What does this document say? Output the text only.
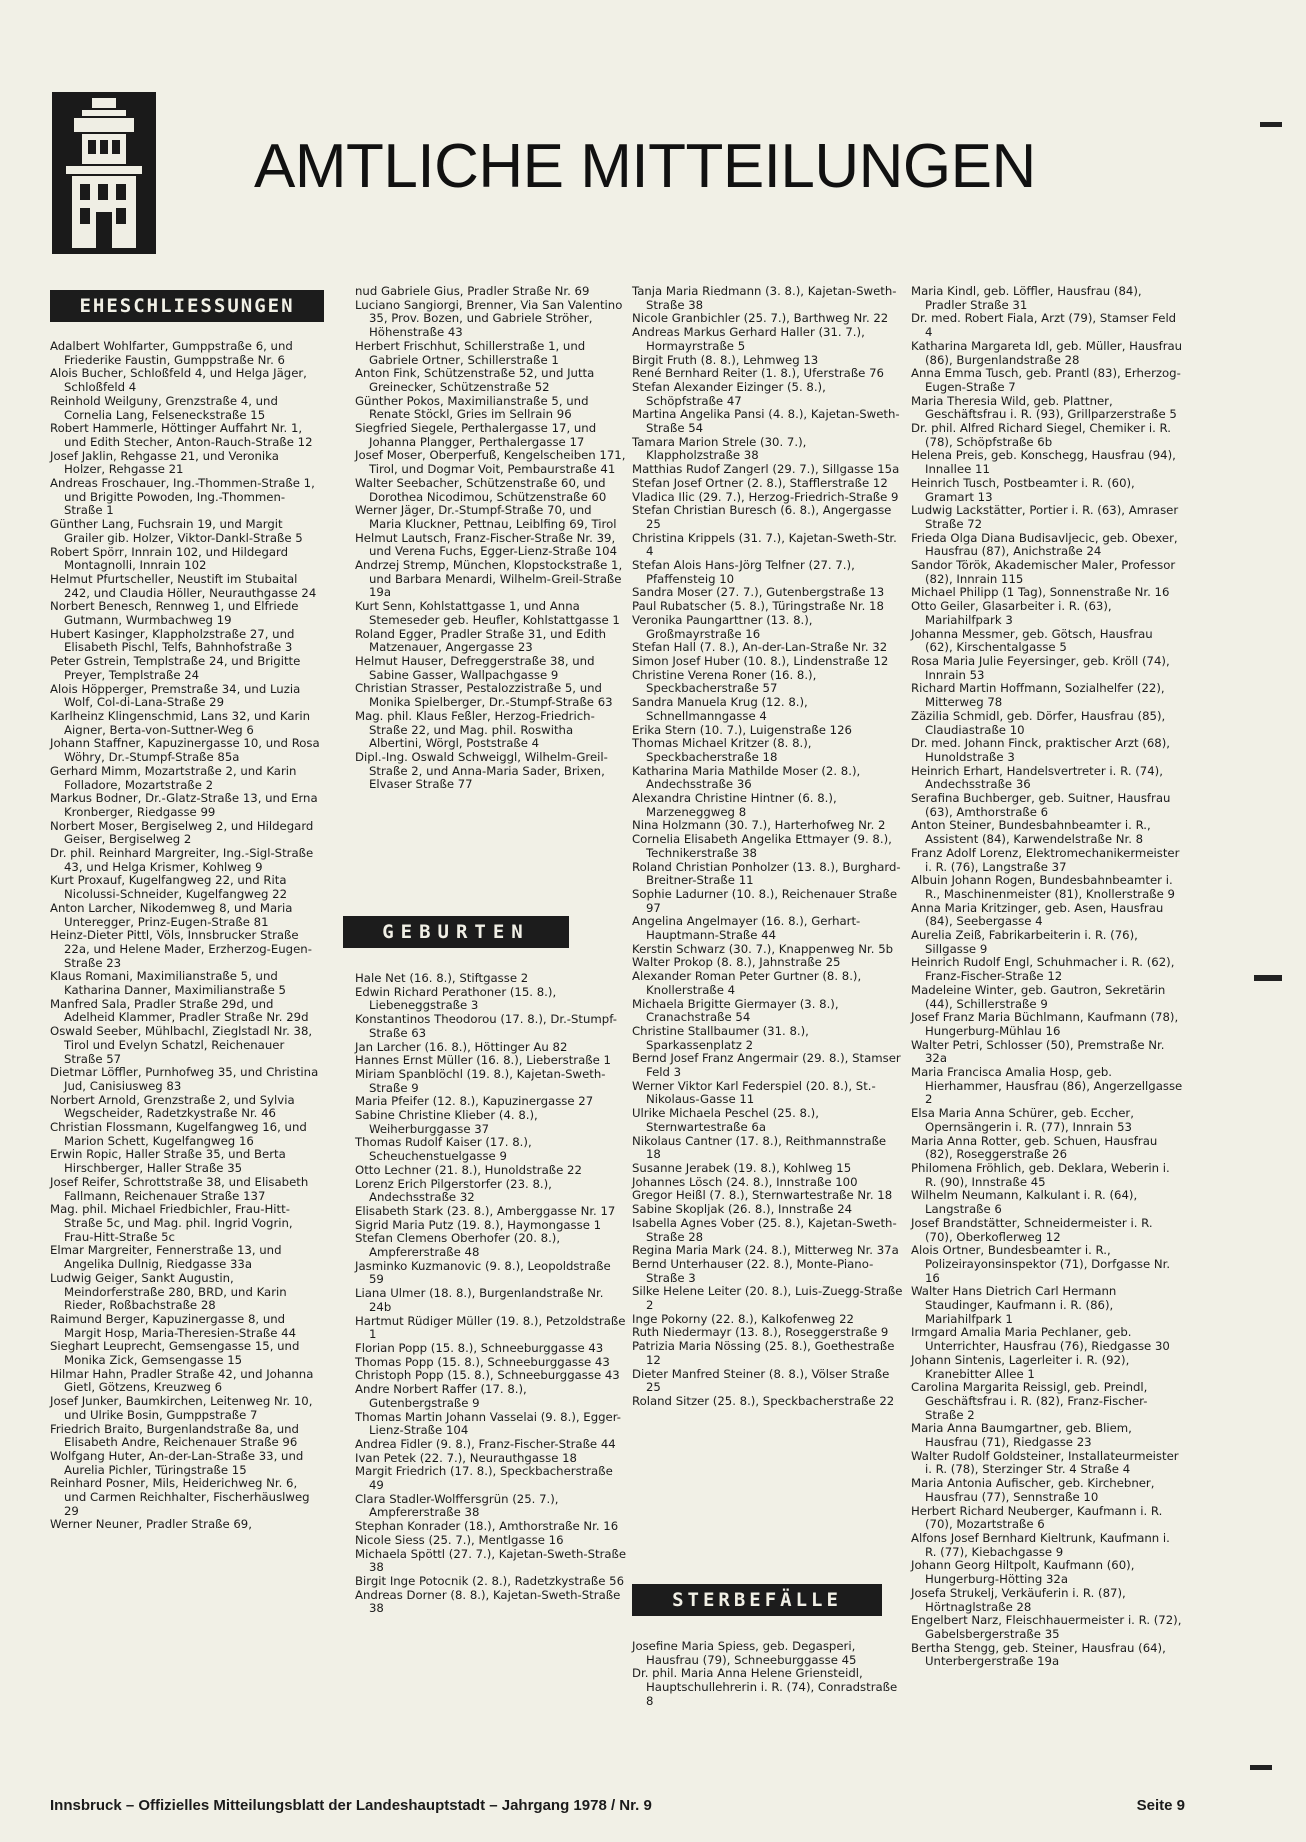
AMTLICHE MITTEILUNGEN
EHESCHLIESSUNGEN
GEBURTEN
STERBEFÄLLE

Adalbert Wohlfarter, Gumppstraße 6, und Friederike Faustin, Gumppstraße Nr. 6

Alois Bucher, Schloßfeld 4, und Helga Jäger, Schloßfeld 4

Reinhold Weilguny, Grenzstraße 4, und Cornelia Lang, Felseneckstraße 15

Robert Hammerle, Höttinger Auffahrt Nr. 1, und Edith Stecher, Anton-Rauch-Straße 12

Josef Jaklin, Rehgasse 21, und Veronika Holzer, Rehgasse 21

Andreas Froschauer, Ing.-Thommen-Straße 1, und Brigitte Powoden, Ing.-Thommen-Straße 1

Günther Lang, Fuchsrain 19, und Margit Grailer gib. Holzer, Viktor-Dankl-Straße 5

Robert Spörr, Innrain 102, und Hildegard Montagnolli, Innrain 102

Helmut Pfurtscheller, Neustift im Stubaital 242, und Claudia Höller, Neurauthgasse 24

Norbert Benesch, Rennweg 1, und Elfriede Gutmann, Wurmbachweg 19

Hubert Kasinger, Klappholzstraße 27, und Elisabeth Pischl, Telfs, Bahnhofstraße 3

Peter Gstrein, Templstraße 24, und Brigitte Preyer, Templstraße 24

Alois Höpperger, Premstraße 34, und Luzia Wolf, Col-di-Lana-Straße 29

Karlheinz Klingenschmid, Lans 32, und Karin Aigner, Berta-von-Suttner-Weg 6

Johann Staffner, Kapuzinergasse 10, und Rosa Wöhry, Dr.-Stumpf-Straße 85a

Gerhard Mimm, Mozartstraße 2, und Karin Folladore, Mozartstraße 2

Markus Bodner, Dr.-Glatz-Straße 13, und Erna Kronberger, Riedgasse 99

Norbert Moser, Bergiselweg 2, und Hildegard Geiser, Bergiselweg 2

Dr. phil. Reinhard Margreiter, Ing.-Sigl-Straße 43, und Helga Krismer, Kohlweg 9

Kurt Proxauf, Kugelfangweg 22, und Rita Nicolussi-Schneider, Kugelfangweg 22

Anton Larcher, Nikodemweg 8, und Maria Unteregger, Prinz-Eugen-Straße 81

Heinz-Dieter Pittl, Völs, Innsbrucker Straße 22a, und Helene Mader, Erzherzog-Eugen-Straße 23

Klaus Romani, Maximilianstraße 5, und Katharina Danner, Maximilianstraße 5

Manfred Sala, Pradler Straße 29d, und Adelheid Klammer, Pradler Straße Nr. 29d

Oswald Seeber, Mühlbachl, Zieglstadl Nr. 38, Tirol und Evelyn Schatzl, Reichenauer Straße 57

Dietmar Löffler, Purnhofweg 35, und Christina Jud, Canisiusweg 83

Norbert Arnold, Grenzstraße 2, und Sylvia Wegscheider, Radetzkystraße Nr. 46

Christian Flossmann, Kugelfangweg 16, und Marion Schett, Kugelfangweg 16

Erwin Ropic, Haller Straße 35, und Berta Hirschberger, Haller Straße 35

Josef Reifer, Schrottstraße 38, und Elisabeth Fallmann, Reichenauer Straße 137

Mag. phil. Michael Friedbichler, Frau-Hitt-Straße 5c, und Mag. phil. Ingrid Vogrin, Frau-Hitt-Straße 5c

Elmar Margreiter, Fennerstraße 13, und Angelika Dullnig, Riedgasse 33a

Ludwig Geiger, Sankt Augustin, Meindorferstraße 280, BRD, und Karin Rieder, Roßbachstraße 28

Raimund Berger, Kapuzinergasse 8, und Margit Hosp, Maria-Theresien-Straße 44

Sieghart Leuprecht, Gemsengasse 15, und Monika Zick, Gemsengasse 15

Hilmar Hahn, Pradler Straße 42, und Johanna Gietl, Götzens, Kreuzweg 6

Josef Junker, Baumkirchen, Leitenweg Nr. 10, und Ulrike Bosin, Gumppstraße 7

Friedrich Braito, Burgenlandstraße 8a, und Elisabeth Andre, Reichenauer Straße 96

Wolfgang Huter, An-der-Lan-Straße 33, und Aurelia Pichler, Türingstraße 15

Reinhard Posner, Mils, Heiderichweg Nr. 6, und Carmen Reichhalter, Fischerhäuslweg 29

Werner Neuner, Pradler Straße 69,

nud Gabriele Gius, Pradler Straße Nr. 69

Luciano Sangiorgi, Brenner, Via San Valentino 35, Prov. Bozen, und Gabriele Ströher, Höhenstraße 43

Herbert Frischhut, Schillerstraße 1, und Gabriele Ortner, Schillerstraße 1

Anton Fink, Schützenstraße 52, und Jutta Greinecker, Schützenstraße 52

Günther Pokos, Maximilianstraße 5, und Renate Stöckl, Gries im Sellrain 96

Siegfried Siegele, Perthalergasse 17, und Johanna Plangger, Perthalergasse 17

Josef Moser, Oberperfuß, Kengelscheiben 171, Tirol, und Dogmar Voit, Pembaurstraße 41

Walter Seebacher, Schützenstraße 60, und Dorothea Nicodimou, Schützenstraße 60

Werner Jäger, Dr.-Stumpf-Straße 70, und Maria Kluckner, Pettnau, Leiblfing 69, Tirol

Helmut Lautsch, Franz-Fischer-Straße Nr. 39, und Verena Fuchs, Egger-Lienz-Straße 104

Andrzej Stremp, München, Klopstockstraße 1, und Barbara Menardi, Wilhelm-Greil-Straße 19a

Kurt Senn, Kohlstattgasse 1, und Anna Stemeseder geb. Heufler, Kohlstattgasse 1

Roland Egger, Pradler Straße 31, und Edith Matzenauer, Angergasse 23

Helmut Hauser, Defreggerstraße 38, und Sabine Gasser, Wallpachgasse 9

Christian Strasser, Pestalozzistraße 5, und Monika Spielberger, Dr.-Stumpf-Straße 63

Mag. phil. Klaus Feßler, Herzog-Friedrich-Straße 22, und Mag. phil. Roswitha Albertini, Wörgl, Poststraße 4

Dipl.-Ing. Oswald Schweiggl, Wilhelm-Greil-Straße 2, und Anna-Maria Sader, Brixen, Elvaser Straße 77

Hale Net (16. 8.), Stiftgasse 2

Edwin Richard Perathoner (15. 8.), Liebeneggstraße 3

Konstantinos Theodorou (17. 8.), Dr.-Stumpf-Straße 63

Jan Larcher (16. 8.), Höttinger Au 82

Hannes Ernst Müller (16. 8.), Lieberstraße 1

Miriam Spanblöchl (19. 8.), Kajetan-Sweth-Straße 9

Maria Pfeifer (12. 8.), Kapuzinergasse 27

Sabine Christine Klieber (4. 8.), Weiherburggasse 37

Thomas Rudolf Kaiser (17. 8.), Scheuchenstuelgasse 9

Otto Lechner (21. 8.), Hunoldstraße 22

Lorenz Erich Pilgerstorfer (23. 8.), Andechsstraße 32

Elisabeth Stark (23. 8.), Amberggasse Nr. 17

Sigrid Maria Putz (19. 8.), Haymongasse 1

Stefan Clemens Oberhofer (20. 8.), Ampfererstraße 48

Jasminko Kuzmanovic (9. 8.), Leopoldstraße 59

Liana Ulmer (18. 8.), Burgenlandstraße Nr. 24b

Hartmut Rüdiger Müller (19. 8.), Petzoldstraße 1

Florian Popp (15. 8.), Schneeburggasse 43

Thomas Popp (15. 8.), Schneeburggasse 43

Christoph Popp (15. 8.), Schneeburggasse 43

Andre Norbert Raffer (17. 8.), Gutenbergstraße 9

Thomas Martin Johann Vasselai (9. 8.), Egger-Lienz-Straße 104

Andrea Fidler (9. 8.), Franz-Fischer-Straße 44

Ivan Petek (22. 7.), Neurauthgasse 18

Margit Friedrich (17. 8.), Speckbacherstraße 49

Clara Stadler-Wolffersgrün (25. 7.), Ampfererstraße 38

Stephan Konrader (18.), Amthorstraße Nr. 16

Nicole Siess (25. 7.), Mentlgasse 16

Michaela Spöttl (27. 7.), Kajetan-Sweth-Straße 38

Birgit Inge Potocnik (2. 8.), Radetzkystraße 56

Andreas Dorner (8. 8.), Kajetan-Sweth-Straße 38

Tanja Maria Riedmann (3. 8.), Kajetan-Sweth-Straße 38

Nicole Granbichler (25. 7.), Barthweg Nr. 22

Andreas Markus Gerhard Haller (31. 7.), Hormayrstraße 5

Birgit Fruth (8. 8.), Lehmweg 13

René Bernhard Reiter (1. 8.), Uferstraße 76

Stefan Alexander Eizinger (5. 8.), Schöpfstraße 47

Martina Angelika Pansi (4. 8.), Kajetan-Sweth-Straße 54

Tamara Marion Strele (30. 7.), Klappholzstraße 38

Matthias Rudof Zangerl (29. 7.), Sillgasse 15a

Stefan Josef Ortner (2. 8.), Stafflerstraße 12

Vladica Ilic (29. 7.), Herzog-Friedrich-Straße 9

Stefan Christian Buresch (6. 8.), Angergasse 25

Christina Krippels (31. 7.), Kajetan-Sweth-Str. 4

Stefan Alois Hans-Jörg Telfner (27. 7.), Pfaffensteig 10

Sandra Moser (27. 7.), Gutenbergstraße 13

Paul Rubatscher (5. 8.), Türingstraße Nr. 18

Veronika Paungarttner (13. 8.), Großmayrstraße 16

Stefan Hall (7. 8.), An-der-Lan-Straße Nr. 32

Simon Josef Huber (10. 8.), Lindenstraße 12

Christine Verena Roner (16. 8.), Speckbacherstraße 57

Sandra Manuela Krug (12. 8.), Schnellmanngasse 4

Erika Stern (10. 7.), Luigenstraße 126

Thomas Michael Kritzer (8. 8.), Speckbacherstraße 18

Katharina Maria Mathilde Moser (2. 8.), Andechsstraße 36

Alexandra Christine Hintner (6. 8.), Marzeneggweg 8

Nina Holzmann (30. 7.), Harterhofweg Nr. 2

Cornelia Elisabeth Angelika Ettmayer (9. 8.), Technikerstraße 38

Roland Christian Ponholzer (13. 8.), Burghard-Breitner-Straße 11

Sophie Ladurner (10. 8.), Reichenauer Straße 97

Angelina Angelmayer (16. 8.), Gerhart-Hauptmann-Straße 44

Kerstin Schwarz (30. 7.), Knappenweg Nr. 5b

Walter Prokop (8. 8.), Jahnstraße 25

Alexander Roman Peter Gurtner (8. 8.), Knollerstraße 4

Michaela Brigitte Giermayer (3. 8.), Cranachstraße 54

Christine Stallbaumer (31. 8.), Sparkassenplatz 2

Bernd Josef Franz Angermair (29. 8.), Stamser Feld 3

Werner Viktor Karl Federspiel (20. 8.), St.-Nikolaus-Gasse 11

Ulrike Michaela Peschel (25. 8.), Sternwartestraße 6a

Nikolaus Cantner (17. 8.), Reithmannstraße 18

Susanne Jerabek (19. 8.), Kohlweg 15

Johannes Lösch (24. 8.), Innstraße 100

Gregor Heißl (7. 8.), Sternwartestraße Nr. 18

Sabine Skopljak (26. 8.), Innstraße 24

Isabella Agnes Vober (25. 8.), Kajetan-Sweth-Straße 28

Regina Maria Mark (24. 8.), Mitterweg Nr. 37a

Bernd Unterhauser (22. 8.), Monte-Piano-Straße 3

Silke Helene Leiter (20. 8.), Luis-Zuegg-Straße 2

Inge Pokorny (22. 8.), Kalkofenweg 22

Ruth Niedermayr (13. 8.), Roseggerstraße 9

Patrizia Maria Nössing (25. 8.), Goethestraße 12

Dieter Manfred Steiner (8. 8.), Völser Straße 25

Roland Sitzer (25. 8.), Speckbacherstraße 22

Josefine Maria Spiess, geb. Degasperi, Hausfrau (79), Schneeburggasse 45

Dr. phil. Maria Anna Helene Griensteidl, Hauptschullehrerin i. R. (74), Conradstraße 8

Maria Kindl, geb. Löffler, Hausfrau (84), Pradler Straße 31

Dr. med. Robert Fiala, Arzt (79), Stamser Feld 4

Katharina Margareta Idl, geb. Müller, Hausfrau (86), Burgenlandstraße 28

Anna Emma Tusch, geb. Prantl (83), Erherzog-Eugen-Straße 7

Maria Theresia Wild, geb. Plattner, Geschäftsfrau i. R. (93), Grillparzerstraße 5

Dr. phil. Alfred Richard Siegel, Chemiker i. R. (78), Schöpfstraße 6b

Helena Preis, geb. Konschegg, Hausfrau (94), Innallee 11

Heinrich Tusch, Postbeamter i. R. (60), Gramart 13

Ludwig Lackstätter, Portier i. R. (63), Amraser Straße 72

Frieda Olga Diana Budisavljecic, geb. Obexer, Hausfrau (87), Anichstraße 24

Sandor Török, Akademischer Maler, Professor (82), Innrain 115

Michael Philipp (1 Tag), Sonnenstraße Nr. 16

Otto Geiler, Glasarbeiter i. R. (63), Mariahilfpark 3

Johanna Messmer, geb. Götsch, Hausfrau (62), Kirschentalgasse 5

Rosa Maria Julie Feyersinger, geb. Kröll (74), Innrain 53

Richard Martin Hoffmann, Sozialhelfer (22), Mitterweg 78

Zäzilia Schmidl, geb. Dörfer, Hausfrau (85), Claudiastraße 10

Dr. med. Johann Finck, praktischer Arzt (68), Hunoldstraße 3

Heinrich Erhart, Handelsvertreter i. R. (74), Andechsstraße 36

Serafina Buchberger, geb. Suitner, Hausfrau (63), Amthorstraße 6

Anton Steiner, Bundesbahnbeamter i. R., Assistent (84), Karwendelstraße Nr. 8

Franz Adolf Lorenz, Elektromechanikermeister i. R. (76), Langstraße 37

Albuin Johann Rogen, Bundesbahnbeamter i. R., Maschinenmeister (81), Knollerstraße 9

Anna Maria Kritzinger, geb. Asen, Hausfrau (84), Seebergasse 4

Aurelia Zeiß, Fabrikarbeiterin i. R. (76), Sillgasse 9

Heinrich Rudolf Engl, Schuhmacher i. R. (62), Franz-Fischer-Straße 12

Madeleine Winter, geb. Gautron, Sekretärin (44), Schillerstraße 9

Josef Franz Maria Büchlmann, Kaufmann (78), Hungerburg-Mühlau 16

Walter Petri, Schlosser (50), Premstraße Nr. 32a

Maria Francisca Amalia Hosp, geb. Hierhammer, Hausfrau (86), Angerzellgasse 2

Elsa Maria Anna Schürer, geb. Eccher, Opernsängerin i. R. (77), Innrain 53

Maria Anna Rotter, geb. Schuen, Hausfrau (82), Roseggerstraße 26

Philomena Fröhlich, geb. Deklara, Weberin i. R. (90), Innstraße 45

Wilhelm Neumann, Kalkulant i. R. (64), Langstraße 6

Josef Brandstätter, Schneidermeister i. R. (70), Oberkoflerweg 12

Alois Ortner, Bundesbeamter i. R., Polizeirayonsinspektor (71), Dorfgasse Nr. 16

Walter Hans Dietrich Carl Hermann Staudinger, Kaufmann i. R. (86), Mariahilfpark 1

Irmgard Amalia Maria Pechlaner, geb. Unterrichter, Hausfrau (76), Riedgasse 30

Johann Sintenis, Lagerleiter i. R. (92), Kranebitter Allee 1

Carolina Margarita Reissigl, geb. Preindl, Geschäftsfrau i. R. (82), Franz-Fischer-Straße 2

Maria Anna Baumgartner, geb. Bliem, Hausfrau (71), Riedgasse 23

Walter Rudolf Goldsteiner, Installateurmeister i. R. (78), Sterzinger Str. 4 Straße 4

Maria Antonia Aufischer, geb. Kirchebner, Hausfrau (77), Sennstraße 10

Herbert Richard Neuberger, Kaufmann i. R. (70), Mozartstraße 6

Alfons Josef Bernhard Kieltrunk, Kaufmann i. R. (77), Kiebachgasse 9

Johann Georg Hiltpolt, Kaufmann (60), Hungerburg-Hötting 32a

Josefa Strukelj, Verkäuferin i. R. (87), Hörtnaglstraße 28

Engelbert Narz, Fleischhauermeister i. R. (72), Gabelsbergerstraße 35

Bertha Stengg, geb. Steiner, Hausfrau (64), Unterbergerstraße 19a

Innsbruck – Offizielles Mitteilungsblatt der Landeshauptstadt – Jahrgang 1978 / Nr. 9	Seite 9
